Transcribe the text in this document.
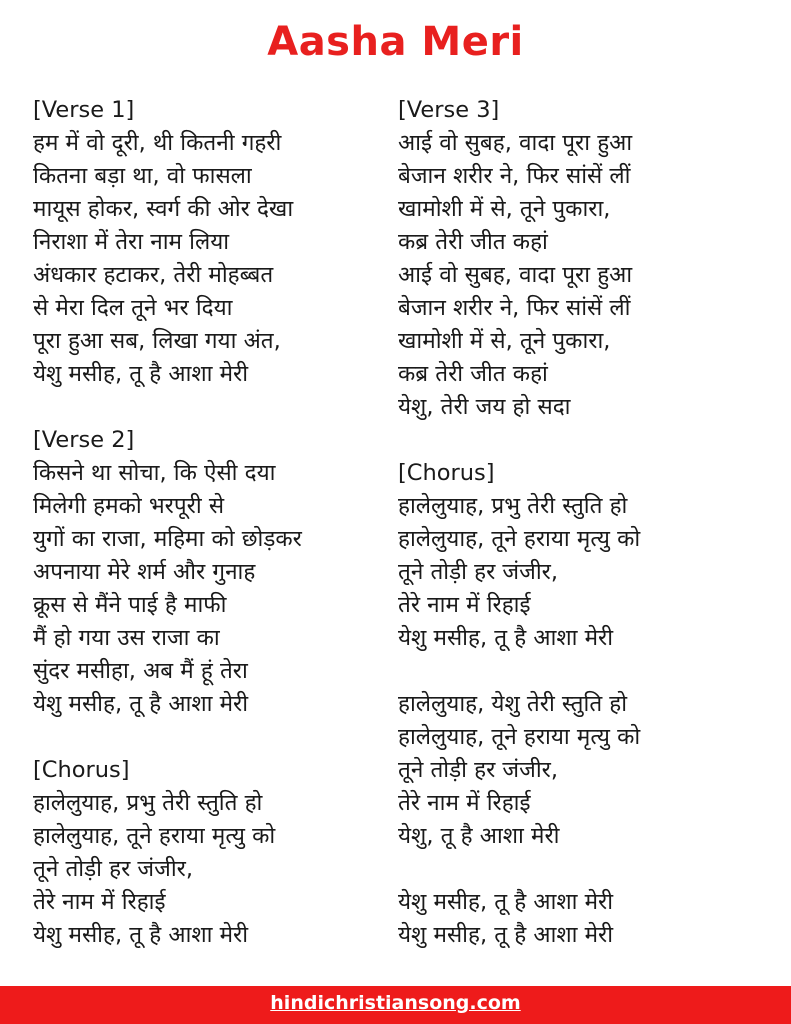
Aasha Meri
[Verse 1]
हम में वो दूरी, थी कितनी गहरी
कितना बड़ा था, वो फासला
मायूस होकर, स्वर्ग की ओर देखा
निराशा में तेरा नाम लिया
अंधकार हटाकर, तेरी मोहब्बत
से मेरा दिल तूने भर दिया
पूरा हुआ सब, लिखा गया अंत,
येशु मसीह, तू है आशा मेरी
[Verse 2]
किसने था सोचा, कि ऐसी दया
मिलेगी हमको भरपूरी से
युगों का राजा, महिमा को छोड़कर
अपनाया मेरे शर्म और गुनाह
क्रूस से मैंने पाई है माफी
मैं हो गया उस राजा का
सुंदर मसीहा, अब मैं हूं तेरा
येशु मसीह, तू है आशा मेरी
[Chorus]
हालेलुयाह, प्रभु तेरी स्तुति हो
हालेलुयाह, तूने हराया मृत्यु को
तूने तोड़ी हर जंजीर,
तेरे नाम में रिहाई
येशु मसीह, तू है आशा मेरी
[Verse 3]
आई वो सुबह, वादा पूरा हुआ
बेजान शरीर ने, फिर सांसें लीं
खामोशी में से, तूने पुकारा,
कब्र तेरी जीत कहां
आई वो सुबह, वादा पूरा हुआ
बेजान शरीर ने, फिर सांसें लीं
खामोशी में से, तूने पुकारा,
कब्र तेरी जीत कहां
येशु, तेरी जय हो सदा
[Chorus]
हालेलुयाह, प्रभु तेरी स्तुति हो
हालेलुयाह, तूने हराया मृत्यु को
तूने तोड़ी हर जंजीर,
तेरे नाम में रिहाई
येशु मसीह, तू है आशा मेरी
हालेलुयाह, येशु तेरी स्तुति हो
हालेलुयाह, तूने हराया मृत्यु को
तूने तोड़ी हर जंजीर,
तेरे नाम में रिहाई
येशु, तू है आशा मेरी
येशु मसीह, तू है आशा मेरी
येशु मसीह, तू है आशा मेरी
hindichristiansong.com
